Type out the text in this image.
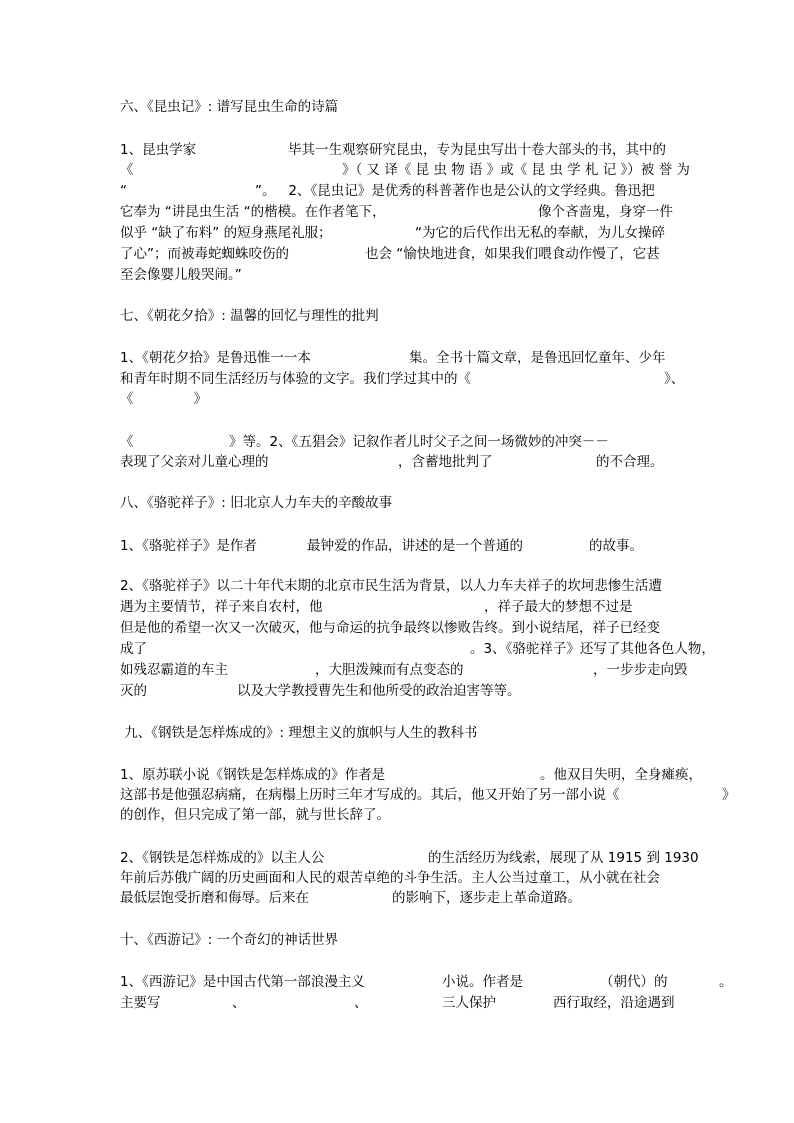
六、《昆虫记》: 谱写昆虫生命的诗篇
1、昆虫学家	毕其一生观察研究昆虫，专为昆虫写出十卷大部头的书，其中的
《	》（ 又 译《 昆 虫 物 语 》或《 昆 虫 学 札 记 》）被 誉 为
“	”。   2、《昆虫记》是优秀的科普著作也是公认的文学经典。鲁迅把
它奉为 “讲昆虫生活 “的楷模。在作者笔下，	像个吝啬鬼，身穿一件
似乎 “缺了布料” 的短身燕尾礼服；	“为它的后代作出无私的奉献，为儿女操碎
了心”；而被毒蛇蜘蛛咬伤的	也会 “愉快地进食，如果我们喂食动作慢了，它甚
至会像婴儿般哭闹。”
七、《朝花夕拾》: 温馨的回忆与理性的批判
1、《朝花夕拾》是鲁迅惟一一本	集。全书十篇文章，是鲁迅回忆童年、少年
和青年时期不同生活经历与体验的文字。我们学过其中的《	》、
《              》
《	》等。2、《五猖会》记叙作者儿时父子之间一场微妙的冲突－－
表现了父亲对儿童心理的	，含蓄地批判了	的不合理。
八、《骆驼祥子》: 旧北京人力车夫的辛酸故事
1、《骆驼祥子》是作者	最钟爱的作品，讲述的是一个普通的	的故事。
2、《骆驼祥子》以二十年代末期的北京市民生活为背景，以人力车夫祥子的坎坷悲惨生活遭
遇为主要情节，祥子来自农村，他	，祥子最大的梦想不过是
但是他的希望一次又一次破灭，他与命运的抗争最终以惨败告终。到小说结尾，祥子已经变
成了	。3、《骆驼祥子》还写了其他各色人物，
如残忍霸道的车主	，大胆泼辣而有点变态的	，一步步走向毁
灭的	以及大学教授曹先生和他所受的政治迫害等等。
九、《钢铁是怎样炼成的》: 理想主义的旗帜与人生的教科书
1、原苏联小说《钢铁是怎样炼成的》作者是	。他双目失明，全身瘫痪，
这部书是他强忍病痛，在病榻上历时三年才写成的。其后，他又开始了另一部小说《	》
的创作，但只完成了第一部，就与世长辞了。
2、《钢铁是怎样炼成的》以主人公	的生活经历为线索，展现了从 1915 到 1930
年前后苏俄广阔的历史画面和人民的艰苦卓绝的斗争生活。主人公当过童工，从小就在社会
最低层饱受折磨和侮辱。后来在	的影响下，逐步走上革命道路。
十、《西游记》: 一个奇幻的神话世界
1、《西游记》是中国古代第一部浪漫主义	小说。作者是	（朝代）的	。
主要写	、	、	三人保护	西行取经，沿途遇到
